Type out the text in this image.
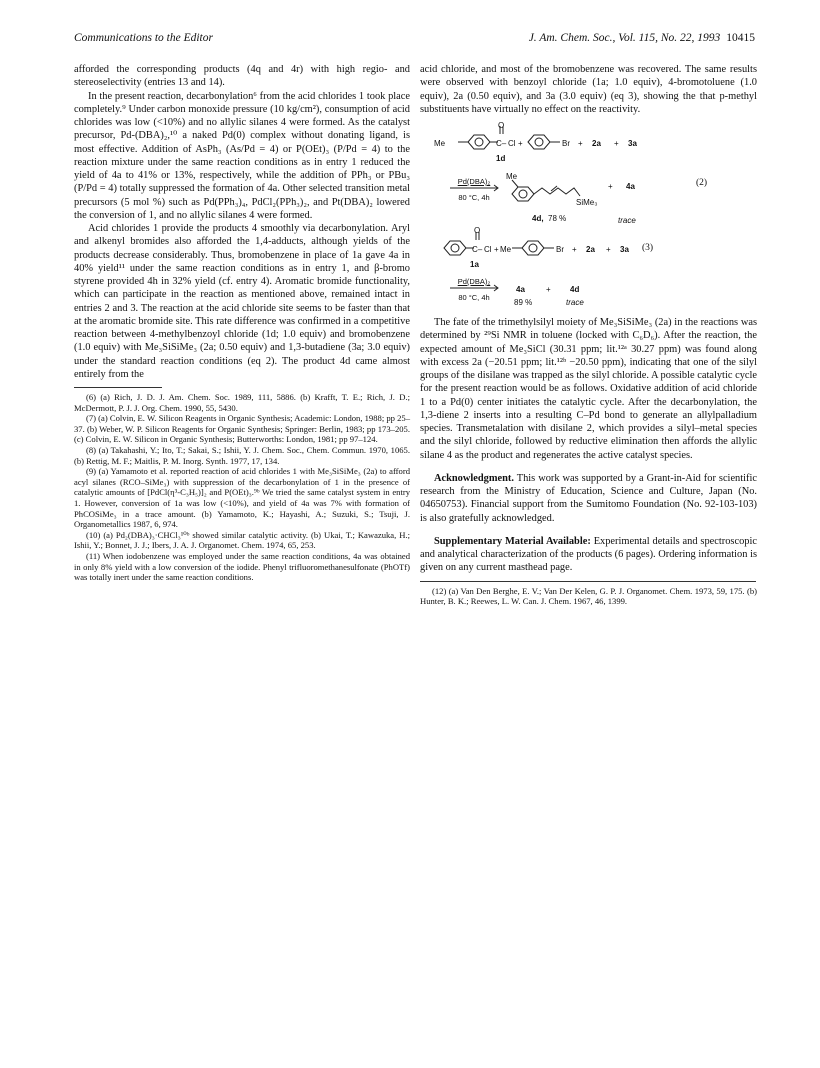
Communications to the Editor	J. Am. Chem. Soc., Vol. 115, No. 22, 1993 10415

afforded the corresponding products (4q and 4r) with high regio- and stereoselectivity (entries 13 and 14).

In the present reaction, decarbonylation⁶ from the acid chlorides 1 took place completely.⁹ Under carbon monoxide pressure (10 kg/cm²), consumption of acid chlorides was low (<10%) and no allylic silanes 4 were formed. As the catalyst precursor, Pd-(DBA)₂,¹⁰ a naked Pd(0) complex without donating ligand, is most effective. Addition of AsPh₃ (As/Pd = 4) or P(OEt)₃ (P/Pd = 4) to the reaction mixture under the same reaction conditions as in entry 1 reduced the yield of 4a to 41% or 13%, respectively, while the addition of PPh₃ or PBu₃ (P/Pd = 4) totally suppressed the formation of 4a. Other selected transition metal precursors (5 mol %) such as Pd(PPh₃)₄, PdCl₂(PPh₃)₂, and Pt(DBA)₂ lowered the conversion of 1, and no allylic silanes 4 were formed.

Acid chlorides 1 provide the products 4 smoothly via decarbonylation. Aryl and alkenyl bromides also afforded the 1,4-adducts, although yields of the products decrease considerably. Thus, bromobenzene in place of 1a gave 4a in 40% yield¹¹ under the same reaction conditions as in entry 1, and β-bromo styrene provided 4h in 32% yield (cf. entry 4). Aromatic bromide functionality, which can participate in the reaction as mentioned above, remained intact in entries 2 and 3. The reaction at the acid chloride site seems to be faster than that at the aromatic bromide site. This rate difference was confirmed in a competitive reaction between 4-methylbenzoyl chloride (1d; 1.0 equiv) and bromobenzene (1.0 equiv) with Me₃SiSiMe₃ (2a; 0.50 equiv) and 1,3-butadiene (3a; 3.0 equiv) under the standard reaction conditions (eq 2). The product 4d came almost entirely from the

(6) (a) Rich, J. D. J. Am. Chem. Soc. 1989, 111, 5886. (b) Krafft, T. E.; Rich, J. D.; McDermott, P. J. J. Org. Chem. 1990, 55, 5430.

(7) (a) Colvin, E. W. Silicon Reagents in Organic Synthesis; Academic: London, 1988; pp 25–37. (b) Weber, W. P. Silicon Reagents for Organic Synthesis; Springer: Berlin, 1983; pp 173–205. (c) Colvin, E. W. Silicon in Organic Synthesis; Butterworths: London, 1981; pp 97–124.

(8) (a) Takahashi, Y.; Ito, T.; Sakai, S.; Ishii, Y. J. Chem. Soc., Chem. Commun. 1970, 1065. (b) Rettig, M. F.; Maitlis, P. M. Inorg. Synth. 1977, 17, 134.

(9) (a) Yamamoto et al. reported reaction of acid chlorides 1 with Me₃SiSiMe₃ (2a) to afford acyl silanes (RCO–SiMe₃) with suppression of the decarbonylation of 1 in the presence of catalytic amounts of [PdCl(η³-C₃H₅)]₂ and P(OEt)₃.⁹ᵇ We tried the same catalyst system in entry 1. However, conversion of 1a was low (<10%), and yield of 4a was 7% with formation of PhCOSiMe₃ in a trace amount. (b) Yamamoto, K.; Hayashi, A.; Suzuki, S.; Tsuji, J. Organometallics 1987, 6, 974.

(10) (a) Pd₂(DBA)₃·CHCl₃¹⁰ᵇ showed similar catalytic activity. (b) Ukai, T.; Kawazuka, H.; Ishii, Y.; Bonnet, J. J.; Ibers, J. A. J. Organomet. Chem. 1974, 65, 253.

(11) When iodobenzene was employed under the same reaction conditions, 4a was obtained in only 8% yield with a low conversion of the iodide. Phenyl trifluoromethanesulfonate (PhOTf) was totally inert under the same reaction conditions.

acid chloride, and most of the bromobenzene was recovered. The same results were observed with benzoyl chloride (1a; 1.0 equiv), 4-bromotoluene (1.0 equiv), 2a (0.50 equiv), and 3a (3.0 equiv) (eq 3), showing the that p-methyl substituents have virtually no effect on the reactivity.

Me
O
C– Cl +	Br + 2a + 3a
1d
(2)
Pd(DBA)₂
80 °C, 4h
Me
SiMe₃
+ 4a
4d, 78 %	trace
O
C– Cl + Me	Br + 2a + 3a (3)
1a
Pd(DBA)₂
80 °C, 4h
4a
89 %
+ 4d
trace

The fate of the trimethylsilyl moiety of Me₃SiSiMe₃ (2a) in the reactions was determined by ²⁹Si NMR in toluene (locked with C₆D₆). After the reaction, the expected amount of Me₃SiCl (30.31 ppm; lit.¹²ᵃ 30.27 ppm) was found along with excess 2a (−20.51 ppm; lit.¹²ᵇ −20.50 ppm), indicating that one of the silyl groups of the disilane was trapped as the silyl chloride. A possible catalytic cycle for the present reaction would be as follows. Oxidative addition of acid chloride 1 to a Pd(0) center initiates the catalytic cycle. After the decarbonylation, the 1,3-diene 2 inserts into a resulting C–Pd bond to generate an allylpalladium species. Transmetalation with disilane 2, which provides a silyl–metal species and the silyl chloride, followed by reductive elimination then affords the allylic silane 4 as the product and regenerates the active catalyst species.

Acknowledgment. This work was supported by a Grant-in-Aid for scientific research from the Ministry of Education, Science and Culture, Japan (No. 04650753). Financial support from the Sumitomo Foundation (No. 92-103-103) is also gratefully acknowledged.

Supplementary Material Available: Experimental details and spectroscopic and analytical characterization of the products (6 pages). Ordering information is given on any current masthead page.

(12) (a) Van Den Berghe, E. V.; Van Der Kelen, G. P. J. Organomet. Chem. 1973, 59, 175. (b) Hunter, B. K.; Reewes, L. W. Can. J. Chem. 1967, 46, 1399.
